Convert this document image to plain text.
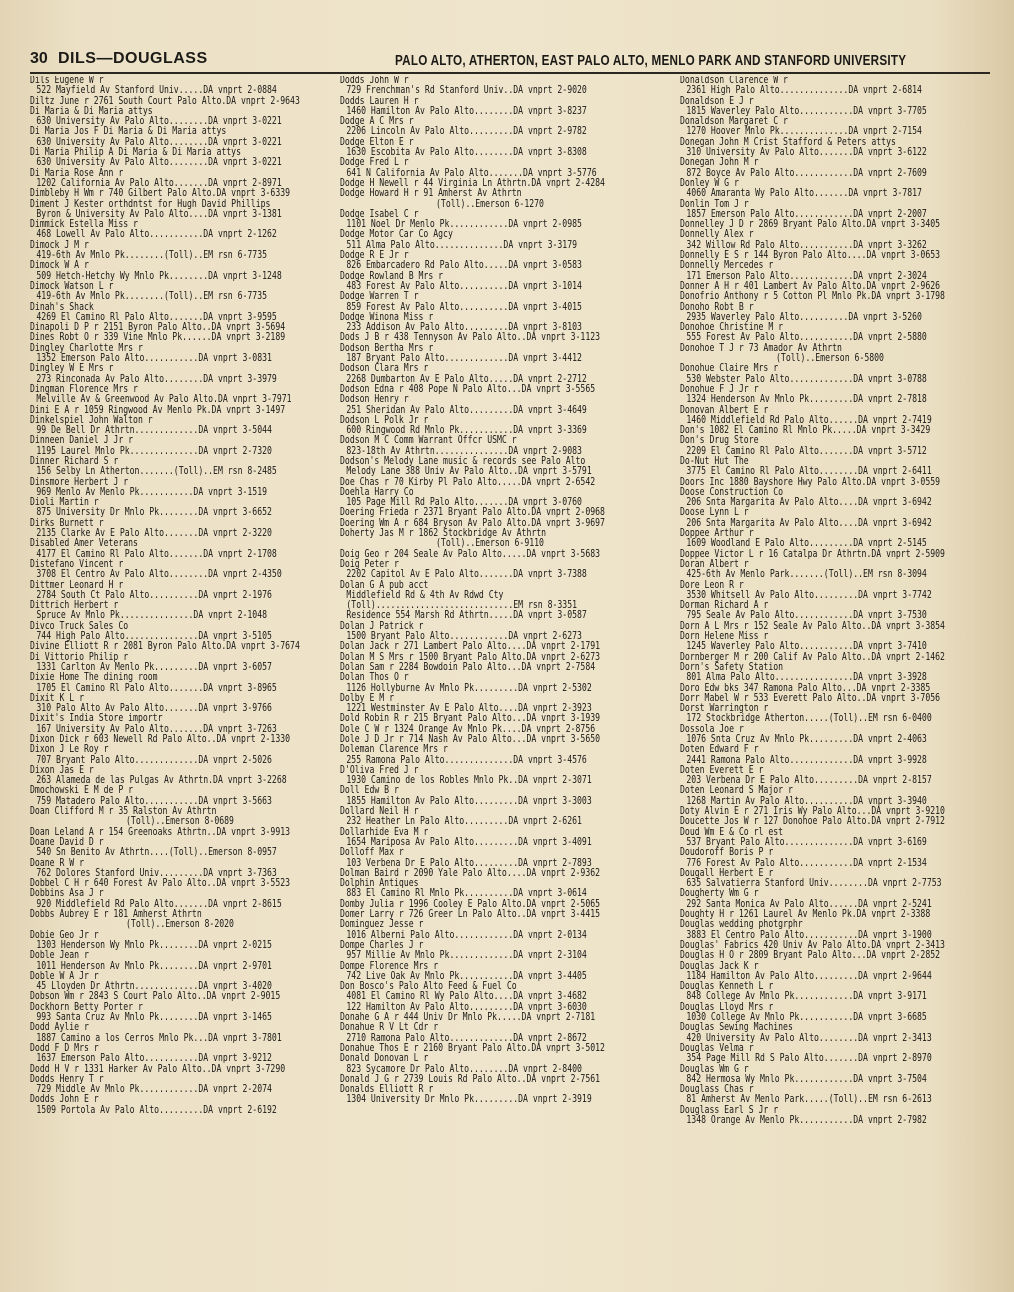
30 DILS—DOUGLASS	PALO ALTO, ATHERTON, EAST PALO ALTO, MENLO PARK AND STANFORD UNIVERSITY
Dils Eugene W r
522 Mayfield Av Stanford Univ.....DA vnprt 2-0884
Diltz June r 2761 South Court Palo Alto.DA vnprt 2-9643
Di Maria & Di Maria attys
630 University Av Palo Alto........DA vnprt 3-0221
Di Maria Jos F Di Maria & Di Maria attys
630 University Av Palo Alto........DA vnprt 3-0221
Di Maria Philip A Di Maria & Di Maria attys
630 University Av Palo Alto........DA vnprt 3-0221
Di Maria Rose Ann r
1202 California Av Palo Alto.......DA vnprt 2-8971
Dimbleby H Wm r 740 Gilbert Palo Alto.DA vnprt 3-6339
Diment J Kester orthdntst for Hugh David Phillips
Byron & University Av Palo Alto....DA vnprt 3-1381
Dimmick Estella Miss r
468 Lowell Av Palo Alto...........DA vnprt 2-1262
Dimock J M r
419-6th Av Mnlo Pk........(Toll)..EM rsn 6-7735
Dimock W A r
509 Hetch-Hetchy Wy Mnlo Pk........DA vnprt 3-1248
Dimock Watson L r
419-6th Av Mnlo Pk........(Toll)..EM rsn 6-7735
Dinah's Shack
4269 El Camino Rl Palo Alto.......DA vnprt 3-9595
Dinapoli D P r 2151 Byron Palo Alto..DA vnprt 3-5694
Dines Robt O r 339 Vine Mnlo Pk......DA vnprt 3-2189
Dingley Charlotte Mrs r
1352 Emerson Palo Alto...........DA vnprt 3-0831
Dingley W E Mrs r
273 Rinconada Av Palo Alto........DA vnprt 3-3979
Dingman Florence Mrs r
Melville Av & Greenwood Av Palo Alto.DA vnprt 3-7971
Dini E A r 1059 Ringwood Av Menlo Pk.DA vnprt 3-1497
Dinkelspiel John Walton r
99 De Bell Dr Athrtn.............DA vnprt 3-5044
Dinneen Daniel J Jr r
1195 Laurel Mnlo Pk..............DA vnprt 2-7320
Dinner Richard S r
156 Selby Ln Atherton.......(Toll)..EM rsn 8-2485
Dinsmore Herbert J r
969 Menlo Av Menlo Pk...........DA vnprt 3-1519
Dioli Martin r
875 University Dr Mnlo Pk........DA vnprt 3-6652
Dirks Burnett r
2135 Clarke Av E Palo Alto.......DA vnprt 2-3220
Disabled Amer Veterans
4177 El Camino Rl Palo Alto.......DA vnprt 2-1708
Distefano Vincent r
3708 El Centro Av Palo Alto........DA vnprt 2-4350
Dittmer Leonard H r
2784 South Ct Palo Alto..........DA vnprt 2-1976
Dittrich Herbert r
Spruce Av Mnlo Pk...............DA vnprt 2-1048
Divco Truck Sales Co
744 High Palo Alto...............DA vnprt 3-5105
Divine Elliott R r 2081 Byron Palo Alto.DA vnprt 3-7674
Di Vittorio Philip r
1331 Carlton Av Menlo Pk.........DA vnprt 3-6057
Dixie Home The dining room
1705 El Camino Rl Palo Alto.......DA vnprt 3-8965
Dixit K L r
310 Palo Alto Av Palo Alto.......DA vnprt 3-9766
Dixit's India Store importr
167 University Av Palo Alto.......DA vnprt 3-7263
Dixon Dick r 603 Newell Rd Palo Alto..DA vnprt 2-1330
Dixon J Le Roy r
707 Bryant Palo Alto.............DA vnprt 2-5026
Dixon Jas E r
263 Alameda de las Pulgas Av Athrtn.DA vnprt 3-2268
Dmochowski E M de P r
759 Matadero Palo Alto...........DA vnprt 3-5663
Doan Clifford M r 35 Ralston Av Athrtn
(Toll)..Emerson 8-0689
Doan Leland A r 154 Greenoaks Athrtn..DA vnprt 3-9913
Doane David D r
540 Sn Benito Av Athrtn....(Toll)..Emerson 8-0957
Doane R W r
762 Dolores Stanford Univ.........DA vnprt 3-7363
Dobbel C H r 640 Forest Av Palo Alto..DA vnprt 3-5523
Dobbins Asa J r
920 Middlefield Rd Palo Alto.......DA vnprt 2-8615
Dobbs Aubrey E r 181 Amherst Athrtn
(Toll)..Emerson 8-2020
Dobie Geo Jr r
1303 Henderson Wy Mnlo Pk........DA vnprt 2-0215
Doble Jean r
1011 Henderson Av Mnlo Pk........DA vnprt 2-9701
Doble W A Jr r
45 Lloyden Dr Athrtn.............DA vnprt 3-4020
Dobson Wm r 2843 S Court Palo Alto..DA vnprt 2-9015
Dockhorn Betty Porter r
993 Santa Cruz Av Mnlo Pk........DA vnprt 3-1465
Dodd Aylie r
1887 Camino a los Cerros Mnlo Pk...DA vnprt 3-7801
Dodd F D Mrs r
1637 Emerson Palo Alto...........DA vnprt 3-9212
Dodd H V r 1331 Harker Av Palo Alto..DA vnprt 3-7290
Dodds Henry T r
729 Middle Av Mnlo Pk............DA vnprt 2-2074
Dodds John E r
1509 Portola Av Palo Alto.........DA vnprt 2-6192
Dodds John W r
729 Frenchman's Rd Stanford Univ..DA vnprt 2-9020
Dodds Lauren H r
1460 Hamilton Av Palo Alto........DA vnprt 3-8237
Dodge A C Mrs r
2206 Lincoln Av Palo Alto.........DA vnprt 2-9782
Dodge Elton E r
1630 Escobita Av Palo Alto........DA vnprt 3-8308
Dodge Fred L r
641 N California Av Palo Alto.......DA vnprt 3-5776
Dodge H Newell r 44 Virginia Ln Athrtn.DA vnprt 2-4284
Dodge Howard H r 91 Amherst Av Athrtn
(Toll)..Emerson 6-1270
Dodge Isabel C r
1101 Noel Dr Menlo Pk............DA vnprt 2-0985
Dodge Motor Car Co Agcy
511 Alma Palo Alto..............DA vnprt 3-3179
Dodge R E Jr r
826 Embarcadero Rd Palo Alto.....DA vnprt 3-0583
Dodge Rowland B Mrs r
483 Forest Av Palo Alto..........DA vnprt 3-1014
Dodge Warren T r
859 Forest Av Palo Alto..........DA vnprt 3-4015
Dodge Winona Miss r
233 Addison Av Palo Alto.........DA vnprt 3-8103
Dods J B r 438 Tennyson Av Palo Alto..DA vnprt 3-1123
Dodson Bertha Mrs r
187 Bryant Palo Alto.............DA vnprt 3-4412
Dodson Clara Mrs r
2268 Dumbarton Av E Palo Alto.....DA vnprt 2-2712
Dodson Edna r 408 Pope N Palo Alto...DA vnprt 3-5565
Dodson Henry r
251 Sheridan Av Palo Alto.........DA vnprt 3-4649
Dodson L Polk Jr r
600 Ringwood Rd Mnlo Pk...........DA vnprt 3-3369
Dodson M C Comm Warrant Offcr USMC r
823-18th Av Athrtn...............DA vnprt 2-9083
Dodson's Melody Lane music & records see Palo Alto
Melody Lane 388 Univ Av Palo Alto..DA vnprt 3-5791
Doe Chas r 70 Kirby Pl Palo Alto.....DA vnprt 2-6542
Doehla Harry Co
105 Page Mill Rd Palo Alto.......DA vnprt 3-0760
Doering Frieda r 2371 Bryant Palo Alto.DA vnprt 2-0968
Doering Wm A r 684 Bryson Av Palo Alto.DA vnprt 3-9697
Doherty Jas M r 1862 Stockbridge Av Athrtn
(Toll)..Emerson 6-9110
Doig Geo r 204 Seale Av Palo Alto.....DA vnprt 3-5683
Doig Peter r
2202 Capitol Av E Palo Alto.......DA vnprt 3-7388
Dolan G A pub acct
Middlefield Rd & 4th Av Rdwd Cty
(Toll)............................EM rsn 8-3351
Residence 554 Marsh Rd Athrtn.....DA vnprt 3-0587
Dolan J Patrick r
1500 Bryant Palo Alto............DA vnprt 2-6273
Dolan Jack r 271 Lambert Palo Alto....DA vnprt 2-1791
Dolan M S Mrs r 1500 Bryant Palo Alto.DA vnprt 2-6273
Dolan Sam r 2284 Bowdoin Palo Alto...DA vnprt 2-7584
Dolan Thos O r
1126 Hollyburne Av Mnlo Pk.........DA vnprt 2-5302
Dolby E M r
1221 Westminster Av E Palo Alto....DA vnprt 2-3923
Dold Robin R r 215 Bryant Palo Alto...DA vnprt 3-1939
Dole C W r 1324 Orange Av Mnlo Pk....DA vnprt 2-8756
Dole J D Jr r 714 Nash Av Palo Alto...DA vnprt 3-5650
Doleman Clarence Mrs r
255 Ramona Palo Alto..............DA vnprt 3-4576
D'Oliva Fred J r
1930 Camino de los Robles Mnlo Pk..DA vnprt 2-3071
Doll Edw B r
1855 Hamilton Av Palo Alto.........DA vnprt 3-3003
Dollard Neil H r
232 Heather Ln Palo Alto.........DA vnprt 2-6261
Dollarhide Eva M r
1654 Mariposa Av Palo Alto.........DA vnprt 3-4091
Dolloff Max r
103 Verbena Dr E Palo Alto.........DA vnprt 2-7893
Dolman Baird r 2090 Yale Palo Alto....DA vnprt 2-9362
Dolphin Antiques
883 El Camino Rl Mnlo Pk..........DA vnprt 3-0614
Domby Julia r 1996 Cooley E Palo Alto.DA vnprt 2-5065
Domer Larry r 726 Greer Ln Palo Alto..DA vnprt 3-4415
Dominguez Jesse r
1016 Alberni Palo Alto............DA vnprt 2-0134
Dompe Charles J r
957 Millie Av Mnlo Pk.............DA vnprt 2-3104
Dompe Florence Mrs r
742 Live Oak Av Mnlo Pk...........DA vnprt 3-4405
Don Bosco's Palo Alto Feed & Fuel Co
4081 El Camino Rl Wy Palo Alto....DA vnprt 3-4682
122 Hamilton Av Palo Alto.........DA vnprt 3-6030
Donahe G A r 444 Univ Dr Mnlo Pk.....DA vnprt 2-7181
Donahue R V Lt Cdr r
2710 Ramona Palo Alto.............DA vnprt 2-8672
Donahue Thos E r 2160 Bryant Palo Alto.DA vnprt 3-5012
Donald Donovan L r
823 Sycamore Dr Palo Alto........DA vnprt 2-8400
Donald J G r 2739 Louis Rd Palo Alto..DA vnprt 2-7561
Donalds Elliott R r
1304 University Dr Mnlo Pk.........DA vnprt 2-3919
Donaldson Clarence W r
2361 High Palo Alto..............DA vnprt 2-6814
Donaldson E J r
1815 Waverley Palo Alto...........DA vnprt 3-7705
Donaldson Margaret C r
1270 Hoover Mnlo Pk..............DA vnprt 2-7154
Donegan John M Crist Stafford & Peters attys
310 University Av Palo Alto.......DA vnprt 3-6122
Donegan John M r
872 Boyce Av Palo Alto............DA vnprt 2-7609
Donley W G r
4060 Amaranta Wy Palo Alto.......DA vnprt 3-7817
Donlin Tom J r
1857 Emerson Palo Alto............DA vnprt 2-2007
Donnelley J D r 2869 Bryant Palo Alto.DA vnprt 3-3405
Donnelly Alex r
342 Willow Rd Palo Alto...........DA vnprt 3-3262
Donnelly E S r 144 Byron Palo Alto....DA vnprt 3-0653
Donnelly Mercedes r
171 Emerson Palo Alto.............DA vnprt 2-3024
Donner A H r 401 Lambert Av Palo Alto.DA vnprt 2-9626
Donofrio Anthony r 5 Cotton Pl Mnlo Pk.DA vnprt 3-1798
Donoho Robt B r
2935 Waverley Palo Alto..........DA vnprt 3-5260
Donohoe Christine M r
555 Forest Av Palo Alto...........DA vnprt 2-5880
Donohoe T J r 73 Amador Av Athrtn
(Toll)..Emerson 6-5800
Donohue Claire Mrs r
530 Webster Palo Alto.............DA vnprt 3-0788
Donohue F J Jr r
1324 Henderson Av Mnlo Pk.........DA vnprt 2-7818
Donovan Albert E r
1460 Middlefield Rd Palo Alto......DA vnprt 2-7419
Don's 1082 El Camino Rl Mnlo Pk.....DA vnprt 3-3429
Don's Drug Store
2209 El Camino Rl Palo Alto.......DA vnprt 3-5712
Do-Nut Hut The
3775 El Camino Rl Palo Alto........DA vnprt 2-6411
Doors Inc 1880 Bayshore Hwy Palo Alto.DA vnprt 3-0559
Doose Construction Co
206 Snta Margarita Av Palo Alto....DA vnprt 3-6942
Doose Lynn L r
206 Snta Margarita Av Palo Alto....DA vnprt 3-6942
Doppee Arthur r
1609 Woodland E Palo Alto.........DA vnprt 2-5145
Doppee Victor L r 16 Catalpa Dr Athrtn.DA vnprt 2-5909
Doran Albert r
425-6th Av Menlo Park.......(Toll)..EM rsn 8-3094
Dore Leon R r
3530 Whitsell Av Palo Alto.........DA vnprt 3-7742
Dorman Richard A r
795 Seale Av Palo Alto............DA vnprt 3-7530
Dorn A L Mrs r 152 Seale Av Palo Alto..DA vnprt 3-3854
Dorn Helene Miss r
1245 Waverley Palo Alto...........DA vnprt 3-7410
Dornberger M r 200 Calif Av Palo Alto..DA vnprt 2-1462
Dorn's Safety Station
801 Alma Palo Alto................DA vnprt 3-3928
Doro Edw bks 347 Ramona Palo Alto...DA vnprt 2-3385
Dorr Mabel W r 533 Everett Palo Alto..DA vnprt 3-7056
Dorst Warrington r
172 Stockbridge Atherton.....(Toll)..EM rsn 6-0400
Dossola Joe r
1076 Snta Cruz Av Mnlo Pk.........DA vnprt 2-4063
Doten Edward F r
2441 Ramona Palo Alto.............DA vnprt 3-9928
Doten Everett E r
203 Verbena Dr E Palo Alto.........DA vnprt 2-8157
Doten Leonard S Major r
1268 Martin Av Palo Alto..........DA vnprt 3-3940
Doty Alvin E r 271 Iris Wy Palo Alto...DA vnprt 3-9210
Doucette Jos W r 127 Donohoe Palo Alto.DA vnprt 2-7912
Doud Wm E & Co rl est
537 Bryant Palo Alto..............DA vnprt 3-6169
Doudoroff Boris P r
776 Forest Av Palo Alto...........DA vnprt 2-1534
Dougall Herbert E r
635 Salvatierra Stanford Univ........DA vnprt 2-7753
Dougherty Wm G r
292 Santa Monica Av Palo Alto......DA vnprt 2-5241
Doughty H r 1261 Laurel Av Menlo Pk.DA vnprt 2-3388
Douglas wedding photgrphr
3883 El Centro Palo Alto...........DA vnprt 3-1900
Douglas' Fabrics 420 Univ Av Palo Alto.DA vnprt 2-3413
Douglas H O r 2809 Bryant Palo Alto...DA vnprt 2-2852
Douglas Jack K r
1184 Hamilton Av Palo Alto.........DA vnprt 2-9644
Douglas Kenneth L r
848 College Av Mnlo Pk............DA vnprt 3-9171
Douglas Lloyd Mrs r
1030 College Av Mnlo Pk...........DA vnprt 3-6685
Douglas Sewing Machines
420 University Av Palo Alto........DA vnprt 2-3413
Douglas Velma r
354 Page Mill Rd S Palo Alto.......DA vnprt 2-8970
Douglas Wm G r
842 Hermosa Wy Mnlo Pk............DA vnprt 3-7504
Douglass Chas r
81 Amherst Av Menlo Park.....(Toll)..EM rsn 6-2613
Douglass Earl S Jr r
1348 Orange Av Menlo Pk...........DA vnprt 2-7982
